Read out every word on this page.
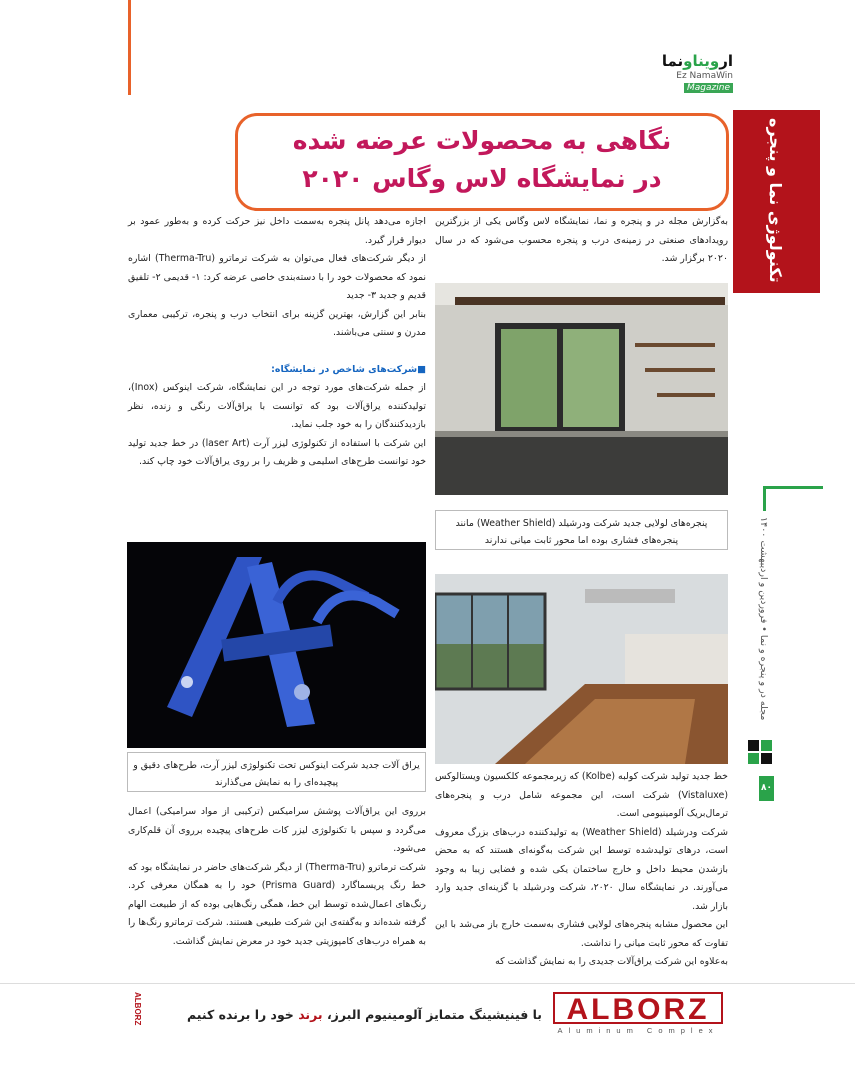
ارویناونما
Ez NamaWin Magazine
تکنولوژی نما و پنجره
نگاهی به محصولات عرضه شده
در نمایشگاه لاس وگاس ۲۰۲۰

به‌گزارش مجله در و پنجره و نما، نمایشگاه لاس وگاس یکی از بزرگترین رویدادهای صنعتی در زمینه‌ی درب و پنجره محسوب می‌شود که در سال ۲۰۲۰ برگزار شد.

اجازه می‌دهد پانل پنجره به‌سمت داخل نیز حرکت کرده و به‌طور عمود بر دیوار قرار گیرد.

از دیگر شرکت‌های فعال می‌توان به شرکت ترماترو (Therma-Tru) اشاره نمود که محصولات خود را با دسته‌بندی خاصی عرضه کرد: ۱- قدیمی ۲- تلفیق قدیم و جدید ۳- جدید

بنابر این گزارش، بهترین گزینه برای انتخاب درب و پنجره، ترکیبی معماری مدرن و سنتی می‌باشند.

■شرکت‌های شاخص در نمایشگاه:

از جمله شرکت‌های مورد توجه در این نمایشگاه، شرکت اینوکس (Inox)، تولیدکننده یراق‌آلات بود که توانست با یراق‌آلات رنگی و زنده، نظر بازدیدکنندگان را به خود جلب نماید.

این شرکت با استفاده از تکنولوژی لیزر آرت (laser Art) در خط جدید تولید خود توانست طرح‌های اسلیمی و ظریف را بر روی یراق‌آلات خود چاپ کند.

پنجره‌های لولایی جدید شرکت ودرشیلد (Weather Shield) مانند پنجره‌های فشاری بوده اما محور ثابت میانی ندارند
یراق آلات جدید شرکت اینوکس تحت تکنولوژی لیزر آرت، طرح‌های دقیق و پیچیده‌ای را به نمایش می‌گذارند

خط جدید تولید شرکت کولبه (Kolbe) که زیرمجموعه کلکسیون ویستالوکس (Vistaluxe) شرکت است، این مجموعه شامل درب و پنجره‌های ترمال‌بریک آلومینیومی است.

شرکت ودرشیلد (Weather Shield) به تولیدکننده درب‌های بزرگ معروف است، درهای تولیدشده توسط این شرکت به‌گونه‌ای هستند که به محض بازشدن محیط داخل و خارج ساختمان یکی شده و فضایی زیبا به وجود می‌آورند. در نمایشگاه سال ۲۰۲۰، شرکت ودرشیلد با گزینه‌ای جدید وارد بازار شد.

این محصول مشابه پنجره‌های لولایی فشاری به‌سمت خارج باز می‌شد با این تفاوت که محور ثابت میانی را نداشت.

به‌علاوه این شرکت یراق‌آلات جدیدی را به نمایش گذاشت که

برروی این یراق‌آلات پوشش سرامیکس (ترکیبی از مواد سرامیکی) اعمال می‌گردد و سپس با تکنولوژی لیزر کات طرح‌های پیچیده برروی آن قلم‌کاری می‌شود.

شرکت ترماترو (Therma-Tru) از دیگر شرکت‌های حاضر در نمایشگاه بود که خط رنگ پریسماگارد (Prisma Guard) خود را به همگان معرفی کرد. رنگ‌های اعمال‌شده توسط این خط، همگی رنگ‌هایی بوده که از طبیعت الهام گرفته شده‌اند و به‌گفته‌ی این شرکت طبیعی هستند. شرکت ترماترو رنگ‌ها را به همراه درب‌های کامپوزیتی جدید خود در معرض نمایش گذاشت.

مجله در و پنجره و نما • فروردین و اردیبهشت ۱۴۰۰
۸۰
ALBORZ	با فینیشینگ متمایز آلومینیوم البرز، برند خود را برنده کنیم	ALBORZ
Aluminum Complex
